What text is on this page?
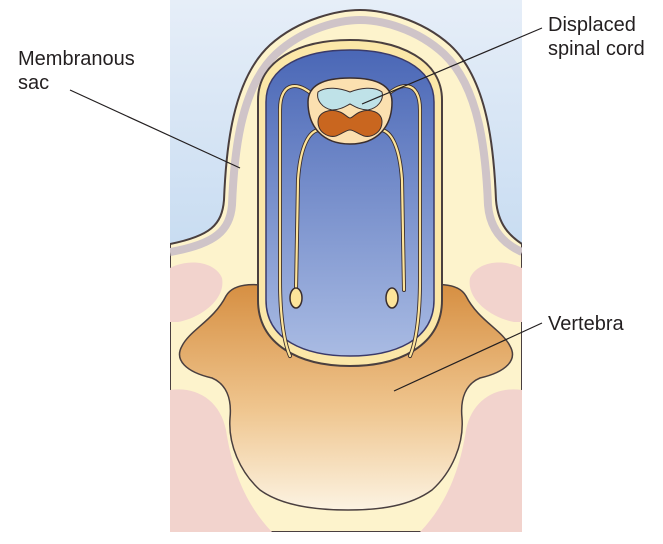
Membranous
sac
Displaced
spinal cord
Vertebra
